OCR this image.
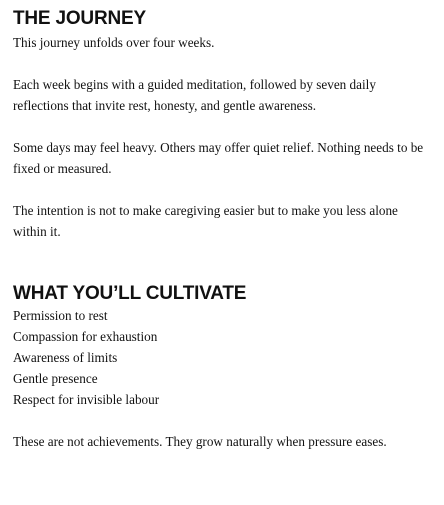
THE JOURNEY

This journey unfolds over four weeks.

Each week begins with a guided meditation, followed by seven daily reflections that invite rest, honesty, and gentle awareness.

Some days may feel heavy. Others may offer quiet relief. Nothing needs to be fixed or measured.

The intention is not to make caregiving easier but to make you less alone within it.

WHAT YOU’LL CULTIVATE
Permission to rest
Compassion for exhaustion
Awareness of limits
Gentle presence
Respect for invisible labour

These are not achievements. They grow naturally when pressure eases.
